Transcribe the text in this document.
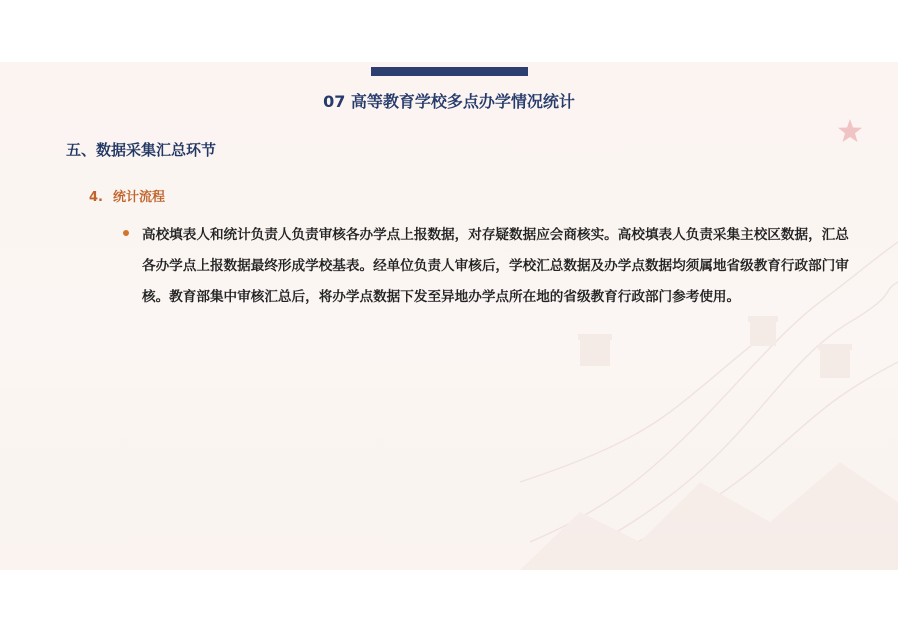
07 高等教育学校多点办学情况统计
五、数据采集汇总环节
4. 统计流程

高校填表人和统计负责人负责审核各办学点上报数据，对存疑数据应会商核实。高校填表人负责采集主校区数据，汇总各办学点上报数据最终形成学校基表。经单位负责人审核后，学校汇总数据及办学点数据均须属地省级教育行政部门审核。教育部集中审核汇总后，将办学点数据下发至异地办学点所在地的省级教育行政部门参考使用。
